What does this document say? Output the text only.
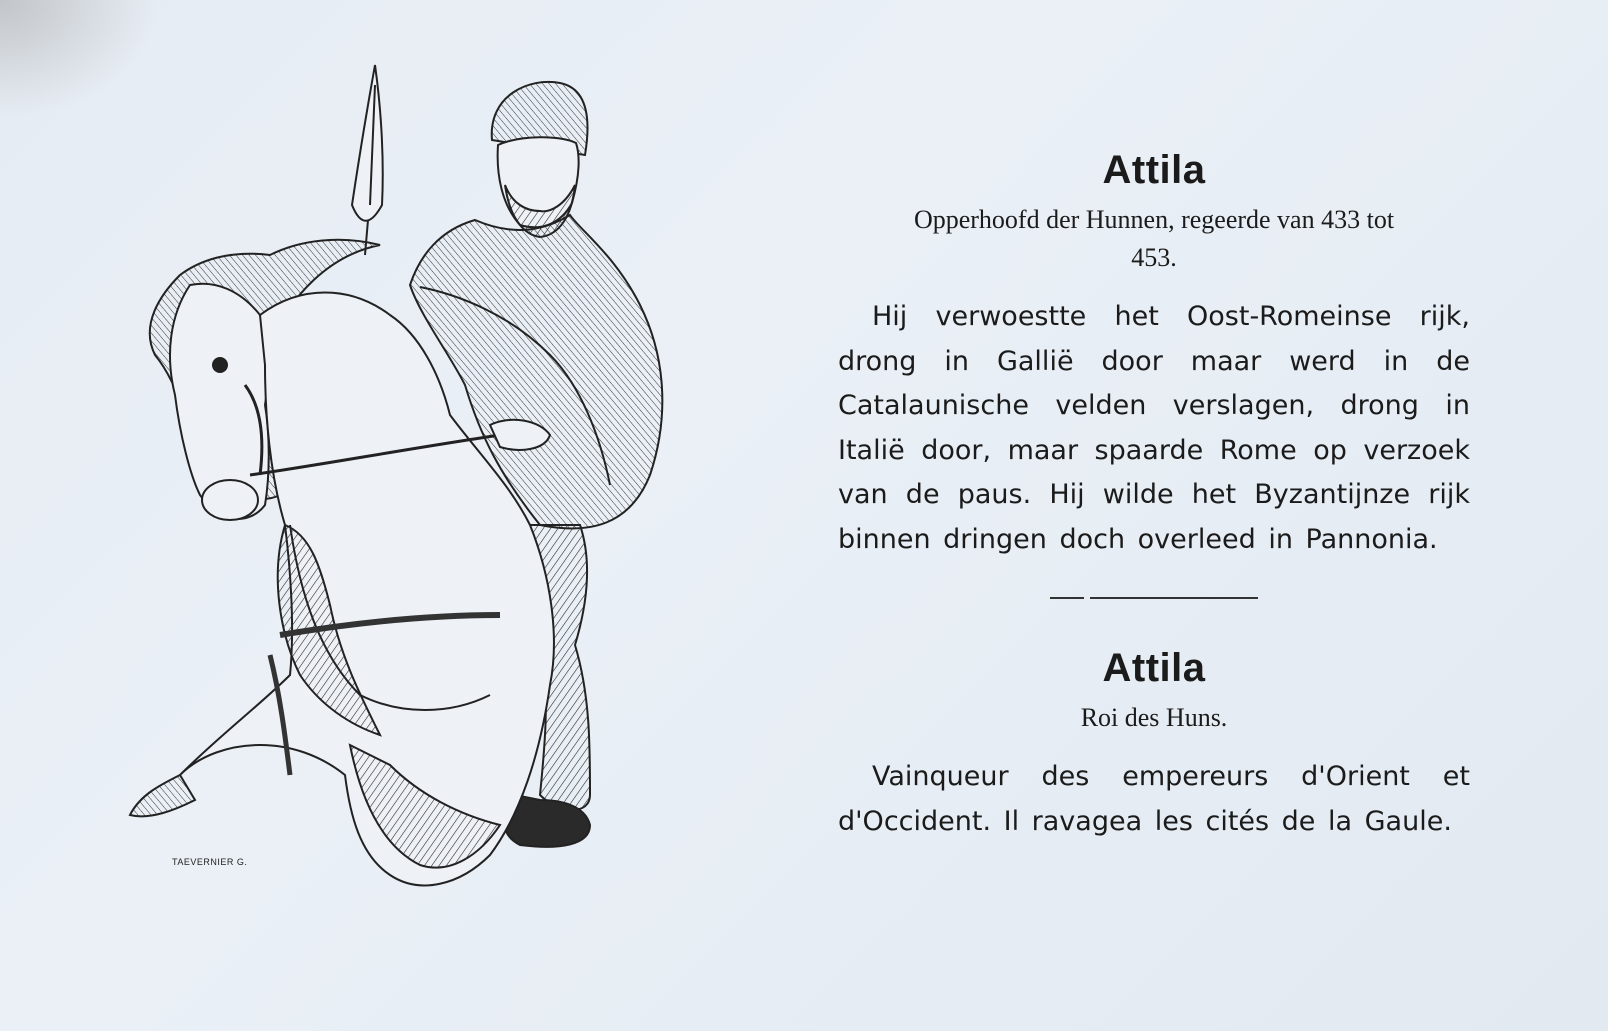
TAEVERNIER G.
Attila

Opperhoofd der Hunnen, regeerde van 433 tot 453.

Hij verwoestte het Oost-Romeinse rijk, drong in Gallië door maar werd in de Catalaunische velden verslagen, drong in Italië door, maar spaarde Rome op verzoek van de paus. Hij wilde het Byzantijnze rijk binnen dringen doch overleed in Pannonia.

Attila

Roi des Huns.

Vainqueur des empereurs d'Orient et d'Occident. Il ravagea les cités de la Gaule.
